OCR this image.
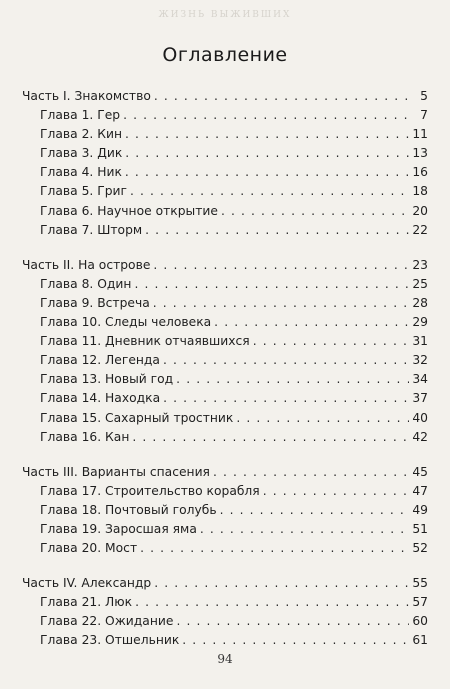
ЖИЗНЬ ВЫЖИВШИХ
Оглавление
Часть I. Знакомство . . .	5
Глава 1. Гер . . .	7
Глава 2. Кин . . .	11
Глава 3. Дик . . .	13
Глава 4. Ник . . .	16
Глава 5. Григ . . .	18
Глава 6. Научное открытие . . .	20
Глава 7. Шторм . . .	22
Часть II. На острове . . .	23
Глава 8. Один . . .	25
Глава 9. Встреча . . .	28
Глава 10. Следы человека . . .	29
Глава 11. Дневник отчаявшихся . . .	31
Глава 12. Легенда . . .	32
Глава 13. Новый год . . .	34
Глава 14. Находка . . .	37
Глава 15. Сахарный тростник . . .	40
Глава 16. Кан . . .	42
Часть III. Варианты спасения . . .	45
Глава 17. Строительство корабля . . .	47
Глава 18. Почтовый голубь . . .	49
Глава 19. Заросшая яма . . .	51
Глава 20. Мост . . .	52
Часть IV. Александр . . .	55
Глава 21. Люк . . .	57
Глава 22. Ожидание . . .	60
Глава 23. Отшельник . . .	61
94
